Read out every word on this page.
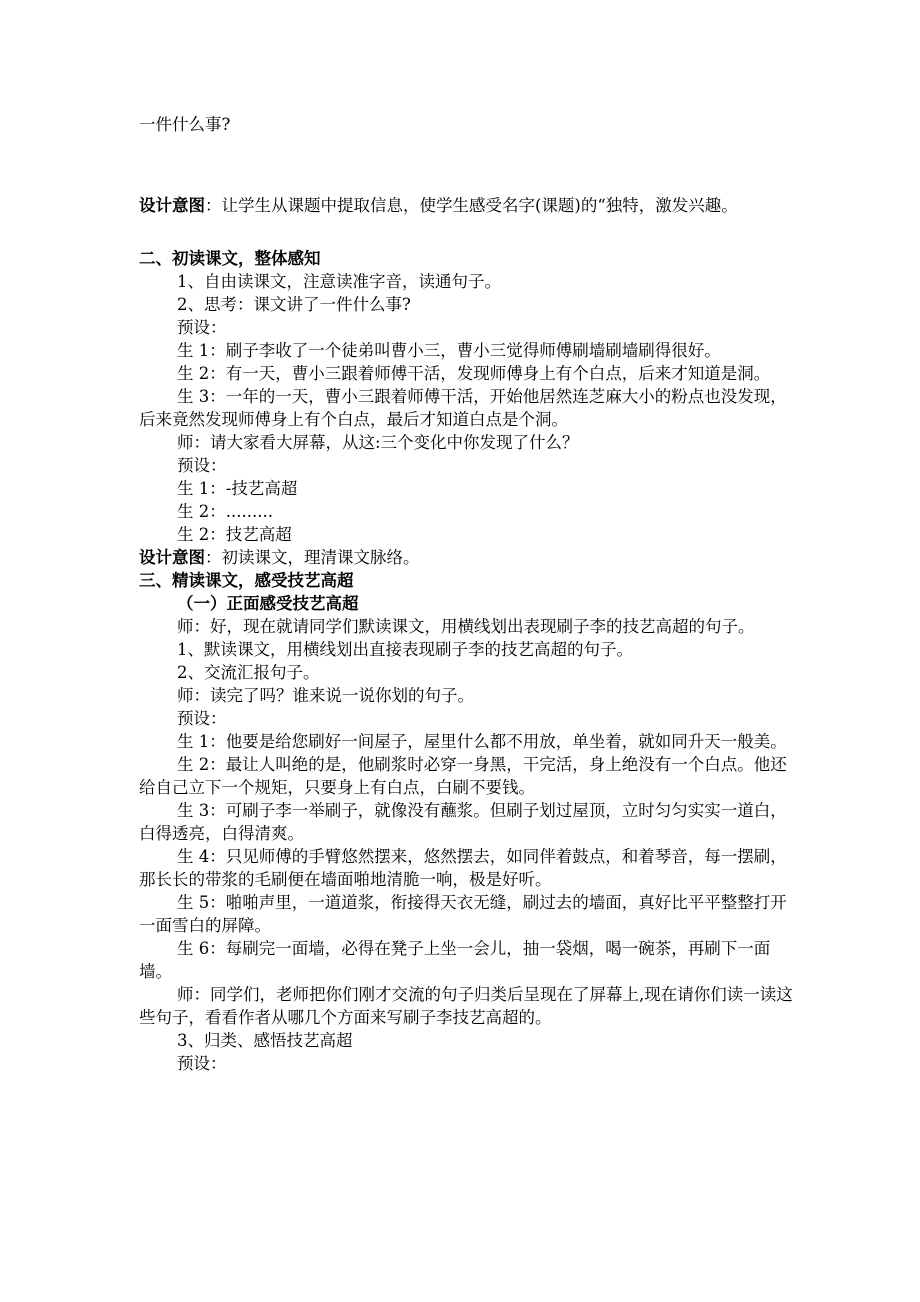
一件什么事?

设计意图：让学生从课题中提取信息，使学生感受名字(课题)的“独特，激发兴趣。

二、初读课文，整体感知

1、自由读课文，注意读准字音，读通句子。

2、思考：课文讲了一件什么事?

预设：

生 1：刷子李收了一个徒弟叫曹小三，曹小三觉得师傅刷墙刷墙刷得很好。

生 2：有一天，曹小三跟着师傅干活，发现师傅身上有个白点，后来才知道是洞。

生 3：一年的一天，曹小三跟着师傅干活，开始他居然连芝麻大小的粉点也没发现，后来竟然发现师傅身上有个白点，最后才知道白点是个洞。

师：请大家看大屏幕，从这:三个变化中你发现了什么？

预设：

生 1：-技艺高超

生 2：.........

生 2：技艺高超

设计意图：初读课文，理清课文脉络。

三、精读课文，感受技艺高超

（一）正面感受技艺高超

师：好，现在就请同学们默读课文，用横线划出表现刷子李的技艺高超的句子。

1、默读课文，用横线划出直接表现刷子李的技艺高超的句子。

2、交流汇报句子。

师：读完了吗？谁来说一说你划的句子。

预设：

生 1：他要是给您刷好一间屋子，屋里什么都不用放，单坐着，就如同升天一般美。

生 2：最让人叫绝的是，他刷浆时必穿一身黑，干完活，身上绝没有一个白点。他还给自己立下一个规矩，只要身上有白点，白刷不要钱。

生 3：可刷子李一举刷子，就像没有蘸浆。但刷子划过屋顶，立时匀匀实实一道白，白得透亮，白得清爽。

生 4：只见师傅的手臂悠然摆来，悠然摆去，如同伴着鼓点，和着琴音，每一摆刷，那长长的带浆的毛刷便在墙面啪地清脆一响，极是好听。

生 5：啪啪声里，一道道浆，衔接得天衣无缝，刷过去的墙面，真好比平平整整打开一面雪白的屏障。

生 6：每刷完一面墙，必得在凳子上坐一会儿，抽一袋烟，喝一碗茶，再刷下一面墙。

师：同学们，老师把你们刚才交流的句子归类后呈现在了屏幕上,现在请你们读一读这些句子，看看作者从哪几个方面来写刷子李技艺高超的。

3、归类、感悟技艺高超

预设：
